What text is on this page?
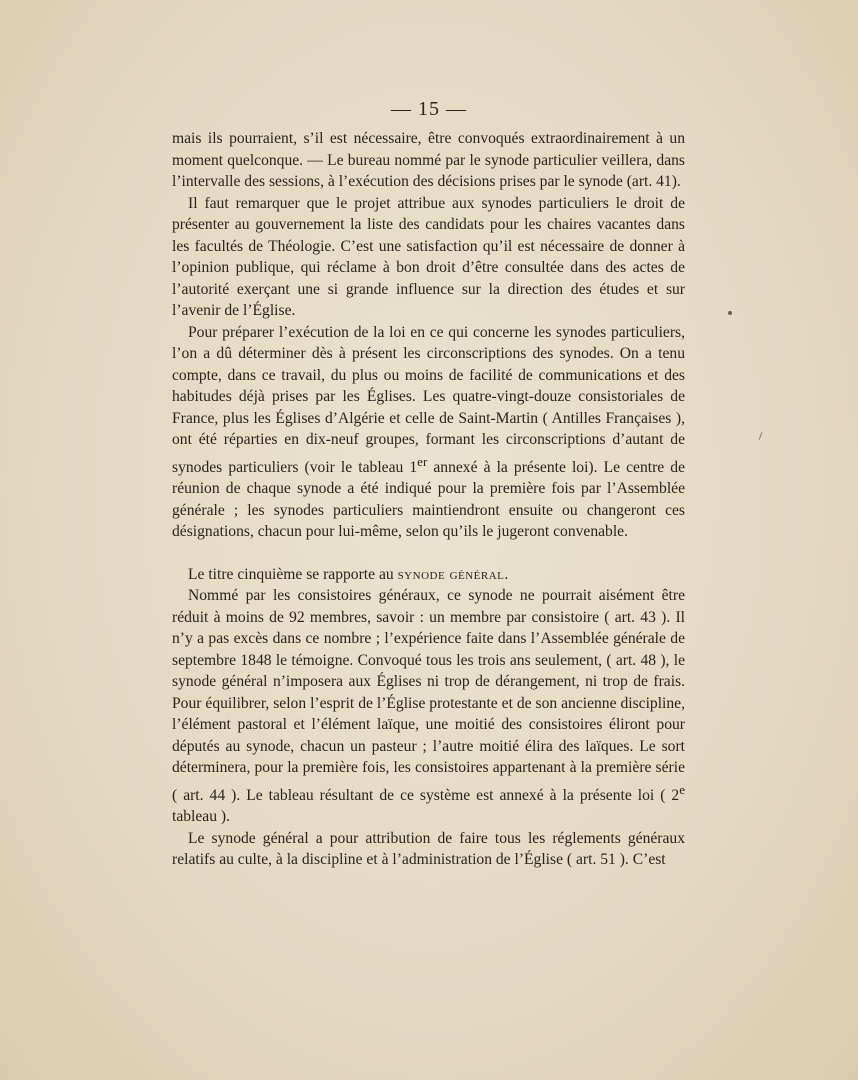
— 15 —

mais ils pourraient, s’il est nécessaire, être convoqués extraordinairement à un moment quelconque. — Le bureau nommé par le synode particulier veillera, dans l’intervalle des sessions, à l’exécution des décisions prises par le synode (art. 41).

Il faut remarquer que le projet attribue aux synodes particuliers le droit de présenter au gouvernement la liste des candidats pour les chaires vacantes dans les facultés de Théologie. C’est une satisfaction qu’il est nécessaire de donner à l’opinion publique, qui réclame à bon droit d’être consultée dans des actes de l’autorité exerçant une si grande influence sur la direction des études et sur l’avenir de l’Église.

Pour préparer l’exécution de la loi en ce qui concerne les synodes particuliers, l’on a dû déterminer dès à présent les circonscriptions des synodes. On a tenu compte, dans ce travail, du plus ou moins de facilité de communications et des habitudes déjà prises par les Églises. Les quatre-vingt-douze consistoriales de France, plus les Églises d’Algérie et celle de Saint-Martin ( Antilles Françaises ), ont été réparties en dix-neuf groupes, formant les circonscriptions d’autant de synodes particuliers (voir le tableau 1er annexé à la présente loi). Le centre de réunion de chaque synode a été indiqué pour la première fois par l’Assemblée générale ; les synodes particuliers maintiendront ensuite ou changeront ces désignations, chacun pour lui-même, selon qu’ils le jugeront convenable.

Le titre cinquième se rapporte au synode général.

Nommé par les consistoires généraux, ce synode ne pourrait aisément être réduit à moins de 92 membres, savoir : un membre par consistoire ( art. 43 ). Il n’y a pas excès dans ce nombre ; l’expérience faite dans l’Assemblée générale de septembre 1848 le témoigne. Convoqué tous les trois ans seulement, ( art. 48 ), le synode général n’imposera aux Églises ni trop de dérangement, ni trop de frais. Pour équilibrer, selon l’esprit de l’Église protestante et de son ancienne discipline, l’élément pastoral et l’élément laïque, une moitié des consistoires éliront pour députés au synode, chacun un pasteur ; l’autre moitié élira des laïques. Le sort déterminera, pour la première fois, les consistoires appartenant à la première série ( art. 44 ). Le tableau résultant de ce système est annexé à la présente loi ( 2e tableau ).

Le synode général a pour attribution de faire tous les réglements généraux relatifs au culte, à la discipline et à l’administration de l’Église ( art. 51 ). C’est
